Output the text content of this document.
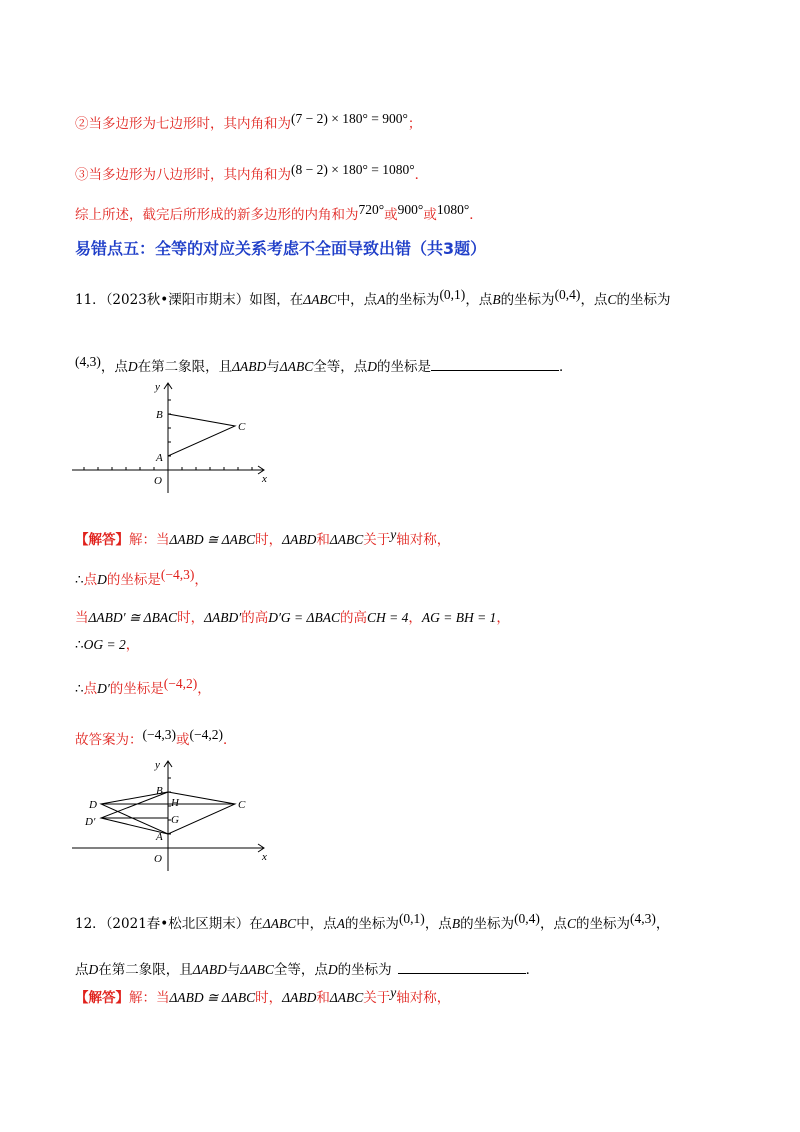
②当多边形为七边形时，其内角和为(7 − 2) × 180° = 900°；
③当多边形为八边形时，其内角和为(8 − 2) × 180° = 1080°．
综上所述，截完后所形成的新多边形的内角和为720°或900°或1080°．
易错点五：全等的对应关系考虑不全面导致出错（共3题）
11．（2023秋•溧阳市期末）如图，在ΔABC中，点A的坐标为(0,1)，点B的坐标为(0,4)，点C的坐标为
(4,3)，点D在第二象限，且ΔABD与ΔABC全等，点D的坐标是	．
y
x
O
A
B
C
【解答】解：当ΔABD ≅ ΔABC时，ΔABD和ΔABC关于y轴对称，
∴点D的坐标是(−4,3)，
当ΔABD′ ≅ ΔBAC时，ΔABD′的高D′G = ΔBAC的高CH = 4，AG = BH = 1，
∴OG = 2，
∴点D′的坐标是(−4,2)，
故答案为：(−4,3)或(−4,2)．
y
x
O
A
B
C
D
D′
H
G
12．（2021春•松北区期末）在ΔABC中，点A的坐标为(0,1)，点B的坐标为(0,4)，点C的坐标为(4,3)，
点D在第二象限，且ΔABD与ΔABC全等，点D的坐标为	．
【解答】解：当ΔABD ≅ ΔABC时，ΔABD和ΔABC关于y轴对称，
